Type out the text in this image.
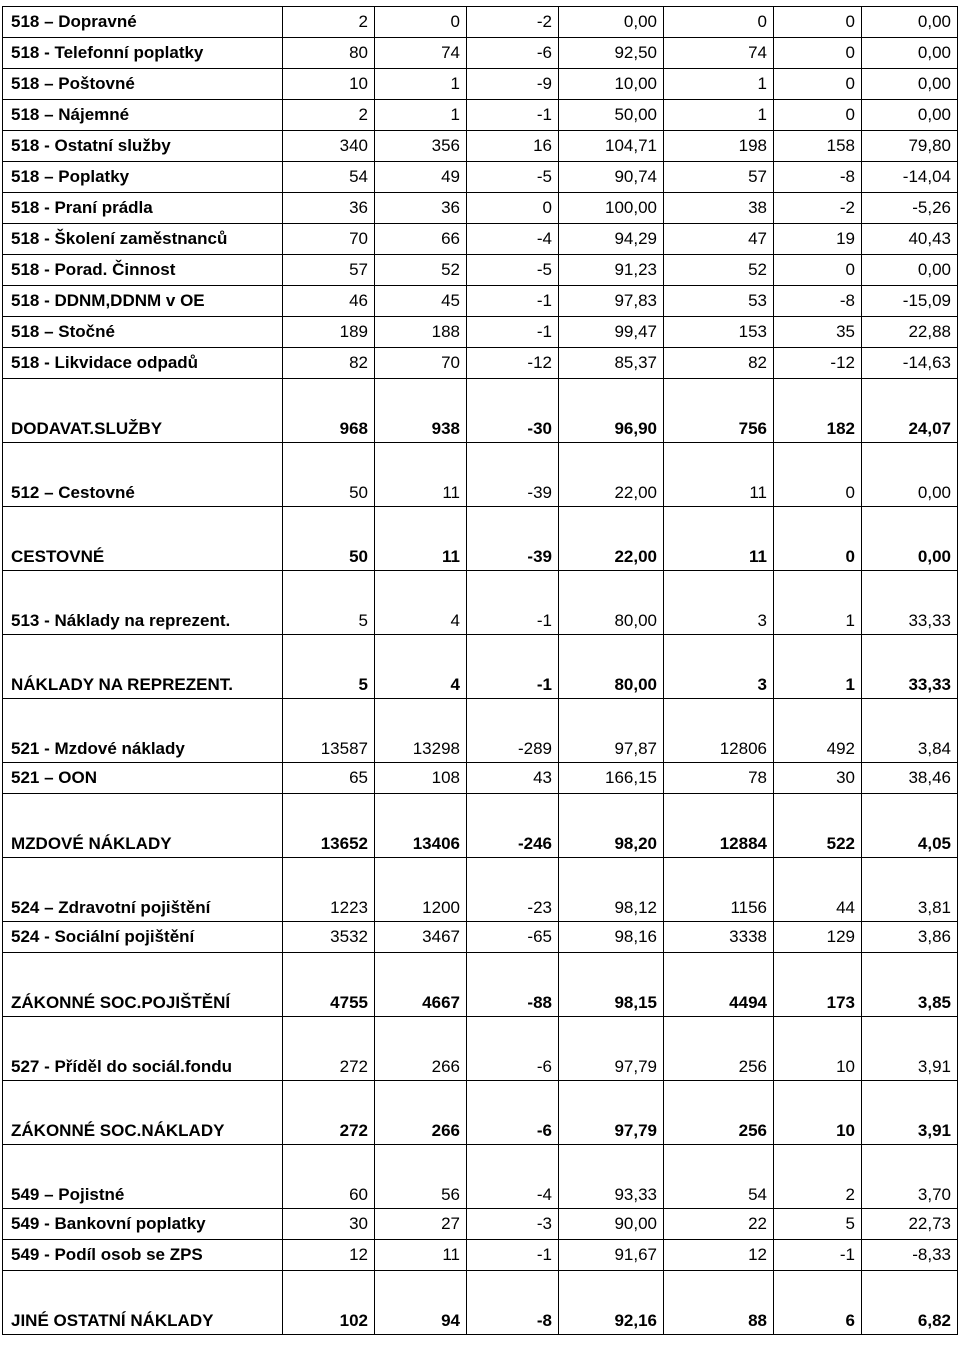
518 – Dopravné	2	0	-2	0,00	0	0	0,00
518 - Telefonní poplatky	80	74	-6	92,50	74	0	0,00
518 – Poštovné	10	1	-9	10,00	1	0	0,00
518 – Nájemné	2	1	-1	50,00	1	0	0,00
518 - Ostatní služby	340	356	16	104,71	198	158	79,80
518 – Poplatky	54	49	-5	90,74	57	-8	-14,04
518 - Praní prádla	36	36	0	100,00	38	-2	-5,26
518 - Školení zaměstnanců	70	66	-4	94,29	47	19	40,43
518 - Porad. Činnost	57	52	-5	91,23	52	0	0,00
518 - DDNM,DDNM v OE	46	45	-1	97,83	53	-8	-15,09
518 – Stočné	189	188	-1	99,47	153	35	22,88
518 - Likvidace odpadů	82	70	-12	85,37	82	-12	-14,63
DODAVAT.SLUŽBY	968	938	-30	96,90	756	182	24,07
512 – Cestovné	50	11	-39	22,00	11	0	0,00
CESTOVNÉ	50	11	-39	22,00	11	0	0,00
513 - Náklady na reprezent.	5	4	-1	80,00	3	1	33,33
NÁKLADY NA REPREZENT.	5	4	-1	80,00	3	1	33,33
521 - Mzdové náklady	13587	13298	-289	97,87	12806	492	3,84
521 – OON	65	108	43	166,15	78	30	38,46
MZDOVÉ NÁKLADY	13652	13406	-246	98,20	12884	522	4,05
524 – Zdravotní pojištění	1223	1200	-23	98,12	1156	44	3,81
524 - Sociální pojištění	3532	3467	-65	98,16	3338	129	3,86
ZÁKONNÉ SOC.POJIŠTĚNÍ	4755	4667	-88	98,15	4494	173	3,85
527 - Příděl do sociál.fondu	272	266	-6	97,79	256	10	3,91
ZÁKONNÉ SOC.NÁKLADY	272	266	-6	97,79	256	10	3,91
549 – Pojistné	60	56	-4	93,33	54	2	3,70
549 - Bankovní poplatky	30	27	-3	90,00	22	5	22,73
549 - Podíl osob se ZPS	12	11	-1	91,67	12	-1	-8,33
JINÉ OSTATNÍ NÁKLADY	102	94	-8	92,16	88	6	6,82
